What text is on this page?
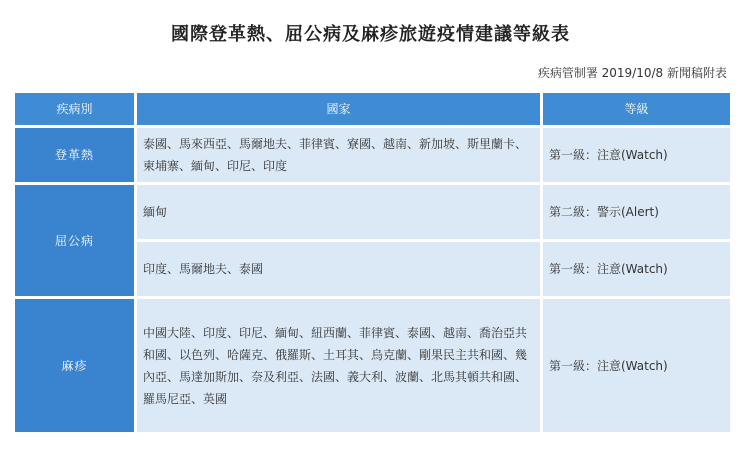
國際登革熱、屈公病及麻疹旅遊疫情建議等級表
疾病管制署 2019/10/8 新聞稿附表
疾病別	國家	等級
登革熱	泰國、馬來西亞、馬爾地夫、菲律賓、寮國、越南、新加坡、斯里蘭卡、柬埔寨、緬甸、印尼、印度	第一級：注意(Watch)
屈公病	緬甸	第二級：警示(Alert)
	印度、馬爾地夫、泰國	第一級：注意(Watch)
麻疹	中國大陸、印度、印尼、緬甸、紐西蘭、菲律賓、泰國、越南、喬治亞共和國、以色列、哈薩克、俄羅斯、土耳其、烏克蘭、剛果民主共和國、幾內亞、馬達加斯加、奈及利亞、法國、義大利、波蘭、北馬其頓共和國、羅馬尼亞、英國	第一級：注意(Watch)
